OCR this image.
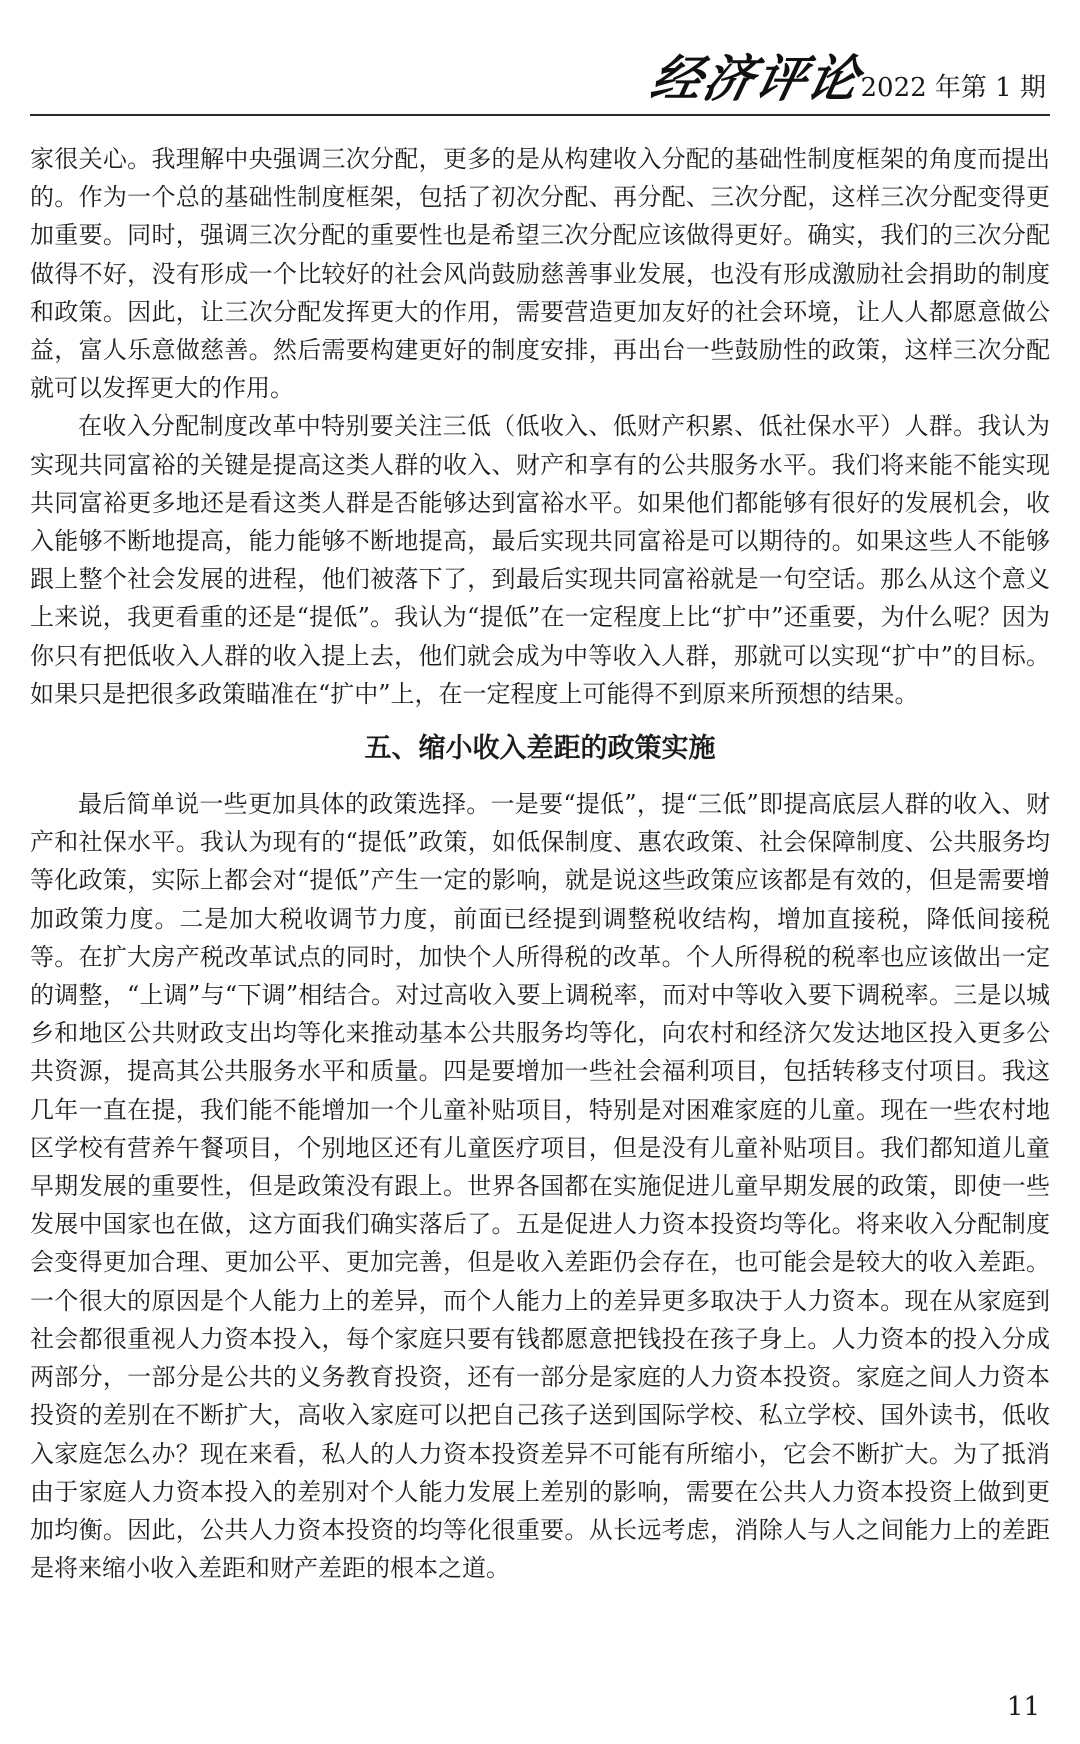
经济评论
2022 年第 1 期

家很关心。我理解中央强调三次分配，更多的是从构建收入分配的基础性制度框架的角度而提出的。作为一个总的基础性制度框架，包括了初次分配、再分配、三次分配，这样三次分配变得更加重要。同时，强调三次分配的重要性也是希望三次分配应该做得更好。确实，我们的三次分配做得不好，没有形成一个比较好的社会风尚鼓励慈善事业发展，也没有形成激励社会捐助的制度和政策。因此，让三次分配发挥更大的作用，需要营造更加友好的社会环境，让人人都愿意做公益，富人乐意做慈善。然后需要构建更好的制度安排，再出台一些鼓励性的政策，这样三次分配就可以发挥更大的作用。

在收入分配制度改革中特别要关注三低（低收入、低财产积累、低社保水平）人群。我认为实现共同富裕的关键是提高这类人群的收入、财产和享有的公共服务水平。我们将来能不能实现共同富裕更多地还是看这类人群是否能够达到富裕水平。如果他们都能够有很好的发展机会，收入能够不断地提高，能力能够不断地提高，最后实现共同富裕是可以期待的。如果这些人不能够跟上整个社会发展的进程，他们被落下了，到最后实现共同富裕就是一句空话。那么从这个意义上来说，我更看重的还是“提低”。我认为“提低”在一定程度上比“扩中”还重要，为什么呢？因为你只有把低收入人群的收入提上去，他们就会成为中等收入人群，那就可以实现“扩中”的目标。如果只是把很多政策瞄准在“扩中”上，在一定程度上可能得不到原来所预想的结果。

五、缩小收入差距的政策实施

最后简单说一些更加具体的政策选择。一是要“提低”，提“三低”即提高底层人群的收入、财产和社保水平。我认为现有的“提低”政策，如低保制度、惠农政策、社会保障制度、公共服务均等化政策，实际上都会对“提低”产生一定的影响，就是说这些政策应该都是有效的，但是需要增加政策力度。二是加大税收调节力度，前面已经提到调整税收结构，增加直接税，降低间接税等。在扩大房产税改革试点的同时，加快个人所得税的改革。个人所得税的税率也应该做出一定的调整，“上调”与“下调”相结合。对过高收入要上调税率，而对中等收入要下调税率。三是以城乡和地区公共财政支出均等化来推动基本公共服务均等化，向农村和经济欠发达地区投入更多公共资源，提高其公共服务水平和质量。四是要增加一些社会福利项目，包括转移支付项目。我这几年一直在提，我们能不能增加一个儿童补贴项目，特别是对困难家庭的儿童。现在一些农村地区学校有营养午餐项目，个别地区还有儿童医疗项目，但是没有儿童补贴项目。我们都知道儿童早期发展的重要性，但是政策没有跟上。世界各国都在实施促进儿童早期发展的政策，即使一些发展中国家也在做，这方面我们确实落后了。五是促进人力资本投资均等化。将来收入分配制度会变得更加合理、更加公平、更加完善，但是收入差距仍会存在，也可能会是较大的收入差距。一个很大的原因是个人能力上的差异，而个人能力上的差异更多取决于人力资本。现在从家庭到社会都很重视人力资本投入，每个家庭只要有钱都愿意把钱投在孩子身上。人力资本的投入分成两部分，一部分是公共的义务教育投资，还有一部分是家庭的人力资本投资。家庭之间人力资本投资的差别在不断扩大，高收入家庭可以把自己孩子送到国际学校、私立学校、国外读书，低收入家庭怎么办？现在来看，私人的人力资本投资差异不可能有所缩小，它会不断扩大。为了抵消由于家庭人力资本投入的差别对个人能力发展上差别的影响，需要在公共人力资本投资上做到更加均衡。因此，公共人力资本投资的均等化很重要。从长远考虑，消除人与人之间能力上的差距是将来缩小收入差距和财产差距的根本之道。

11
